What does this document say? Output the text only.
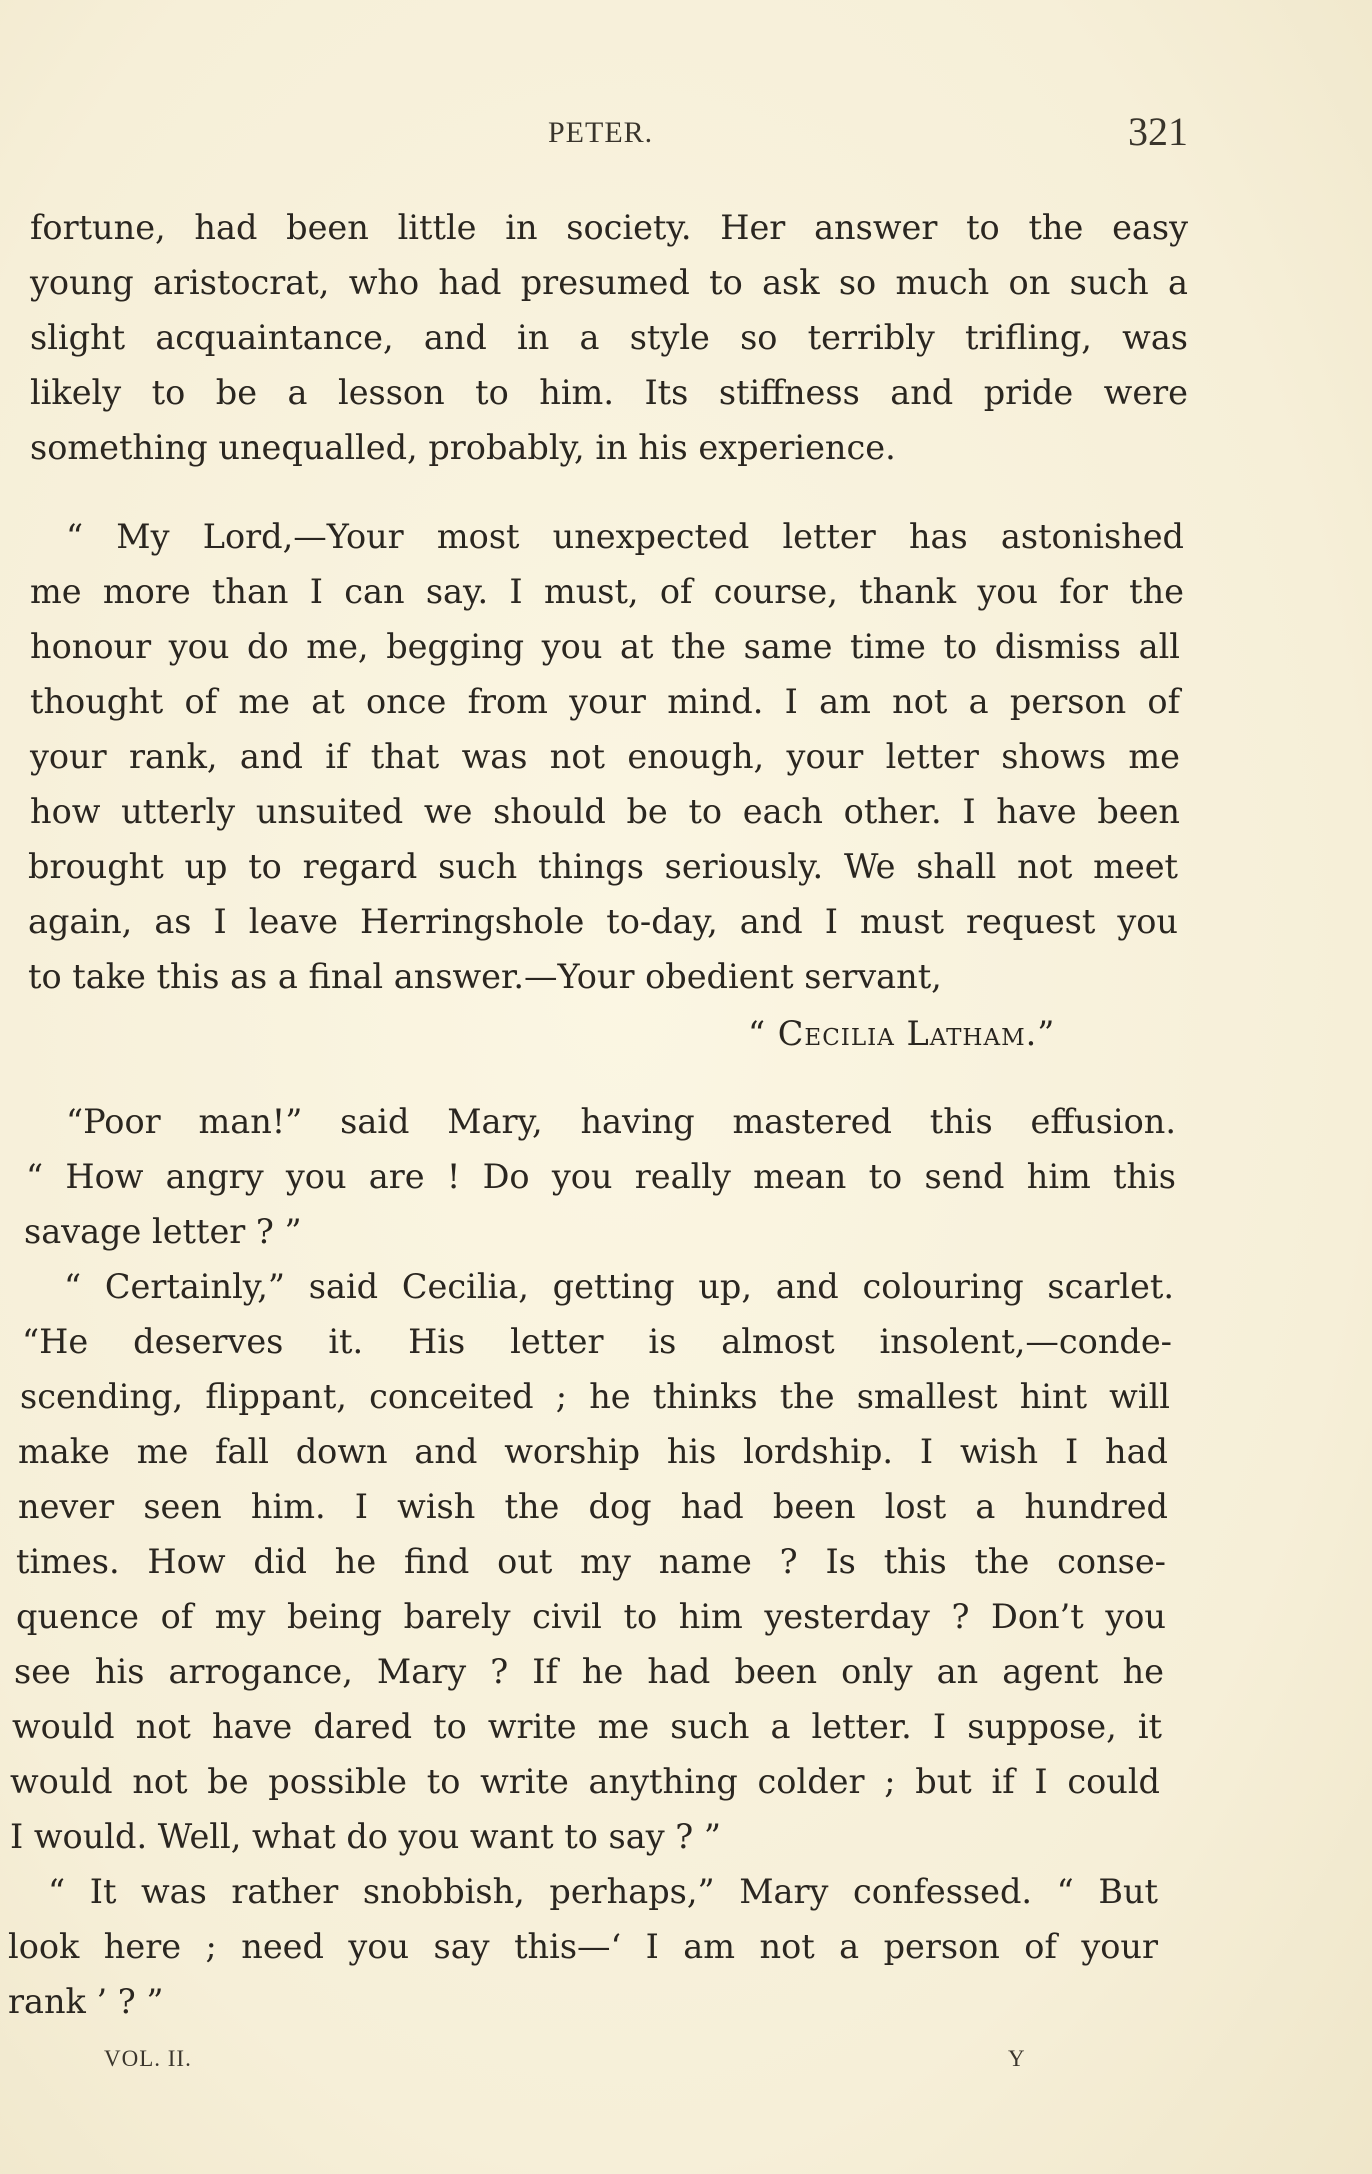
PETER.	321
fortune, had been little in society. Her answer to the easy
young aristocrat, who had presumed to ask so much on such a
slight acquaintance, and in a style so terribly trifling, was
likely to be a lesson to him. Its stiffness and pride were
something unequalled, probably, in his experience.
“ My Lord,—Your most unexpected letter has astonished
me more than I can say. I must, of course, thank you for the
honour you do me, begging you at the same time to dismiss all
thought of me at once from your mind. I am not a person of
your rank, and if that was not enough, your letter shows me
how utterly unsuited we should be to each other. I have been
brought up to regard such things seriously. We shall not meet
again, as I leave Herringshole to-day, and I must request you
to take this as a final answer.—Your obedient servant,
“ Cecilia Latham.”
“Poor man!” said Mary, having mastered this effusion.
“ How angry you are ! Do you really mean to send him this
savage letter ? ”
“ Certainly,” said Cecilia, getting up, and colouring scarlet.
“He deserves it. His letter is almost insolent,—conde-
scending, flippant, conceited ; he thinks the smallest hint will
make me fall down and worship his lordship. I wish I had
never seen him. I wish the dog had been lost a hundred
times. How did he find out my name ? Is this the conse-
quence of my being barely civil to him yesterday ? Don’t you
see his arrogance, Mary ? If he had been only an agent he
would not have dared to write me such a letter. I suppose, it
would not be possible to write anything colder ; but if I could
I would. Well, what do you want to say ? ”
“ It was rather snobbish, perhaps,” Mary confessed. “ But
look here ; need you say this—‘ I am not a person of your
rank ’ ? ”
VOL. II.	Y
